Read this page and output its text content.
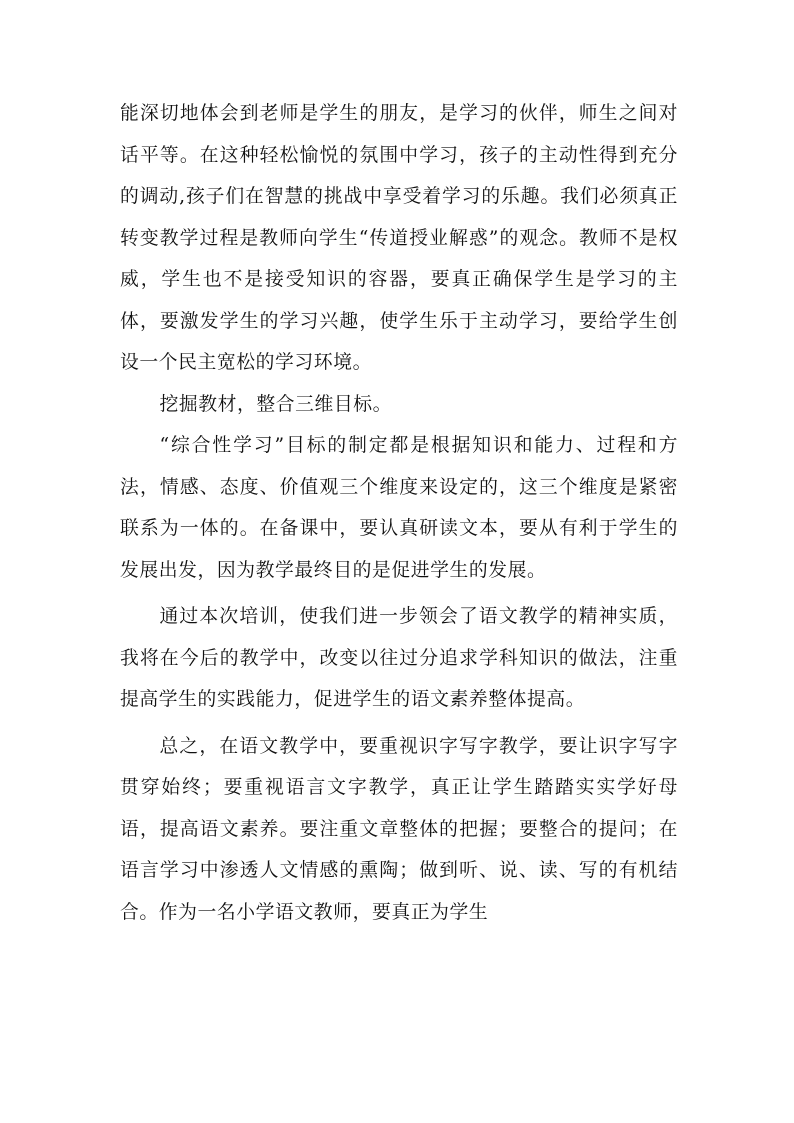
能深切地体会到老师是学生的朋友，是学习的伙伴，师生之间对话平等。在这种轻松愉悦的氛围中学习，孩子的主动性得到充分的调动,孩子们在智慧的挑战中享受着学习的乐趣。我们必须真正转变教学过程是教师向学生“传道授业解惑”的观念。教师不是权威，学生也不是接受知识的容器，要真正确保学生是学习的主体，要激发学生的学习兴趣，使学生乐于主动学习，要给学生创设一个民主宽松的学习环境。

挖掘教材，整合三维目标。

“综合性学习”目标的制定都是根据知识和能力、过程和方法，情感、态度、价值观三个维度来设定的，这三个维度是紧密联系为一体的。在备课中，要认真研读文本，要从有利于学生的发展出发，因为教学最终目的是促进学生的发展。

通过本次培训，使我们进一步领会了语文教学的精神实质，我将在今后的教学中，改变以往过分追求学科知识的做法，注重提高学生的实践能力，促进学生的语文素养整体提高。

总之，在语文教学中，要重视识字写字教学，要让识字写字贯穿始终；要重视语言文字教学，真正让学生踏踏实实学好母语，提高语文素养。要注重文章整体的把握；要整合的提问；在语言学习中渗透人文情感的熏陶；做到听、说、读、写的有机结合。作为一名小学语文教师，要真正为学生
